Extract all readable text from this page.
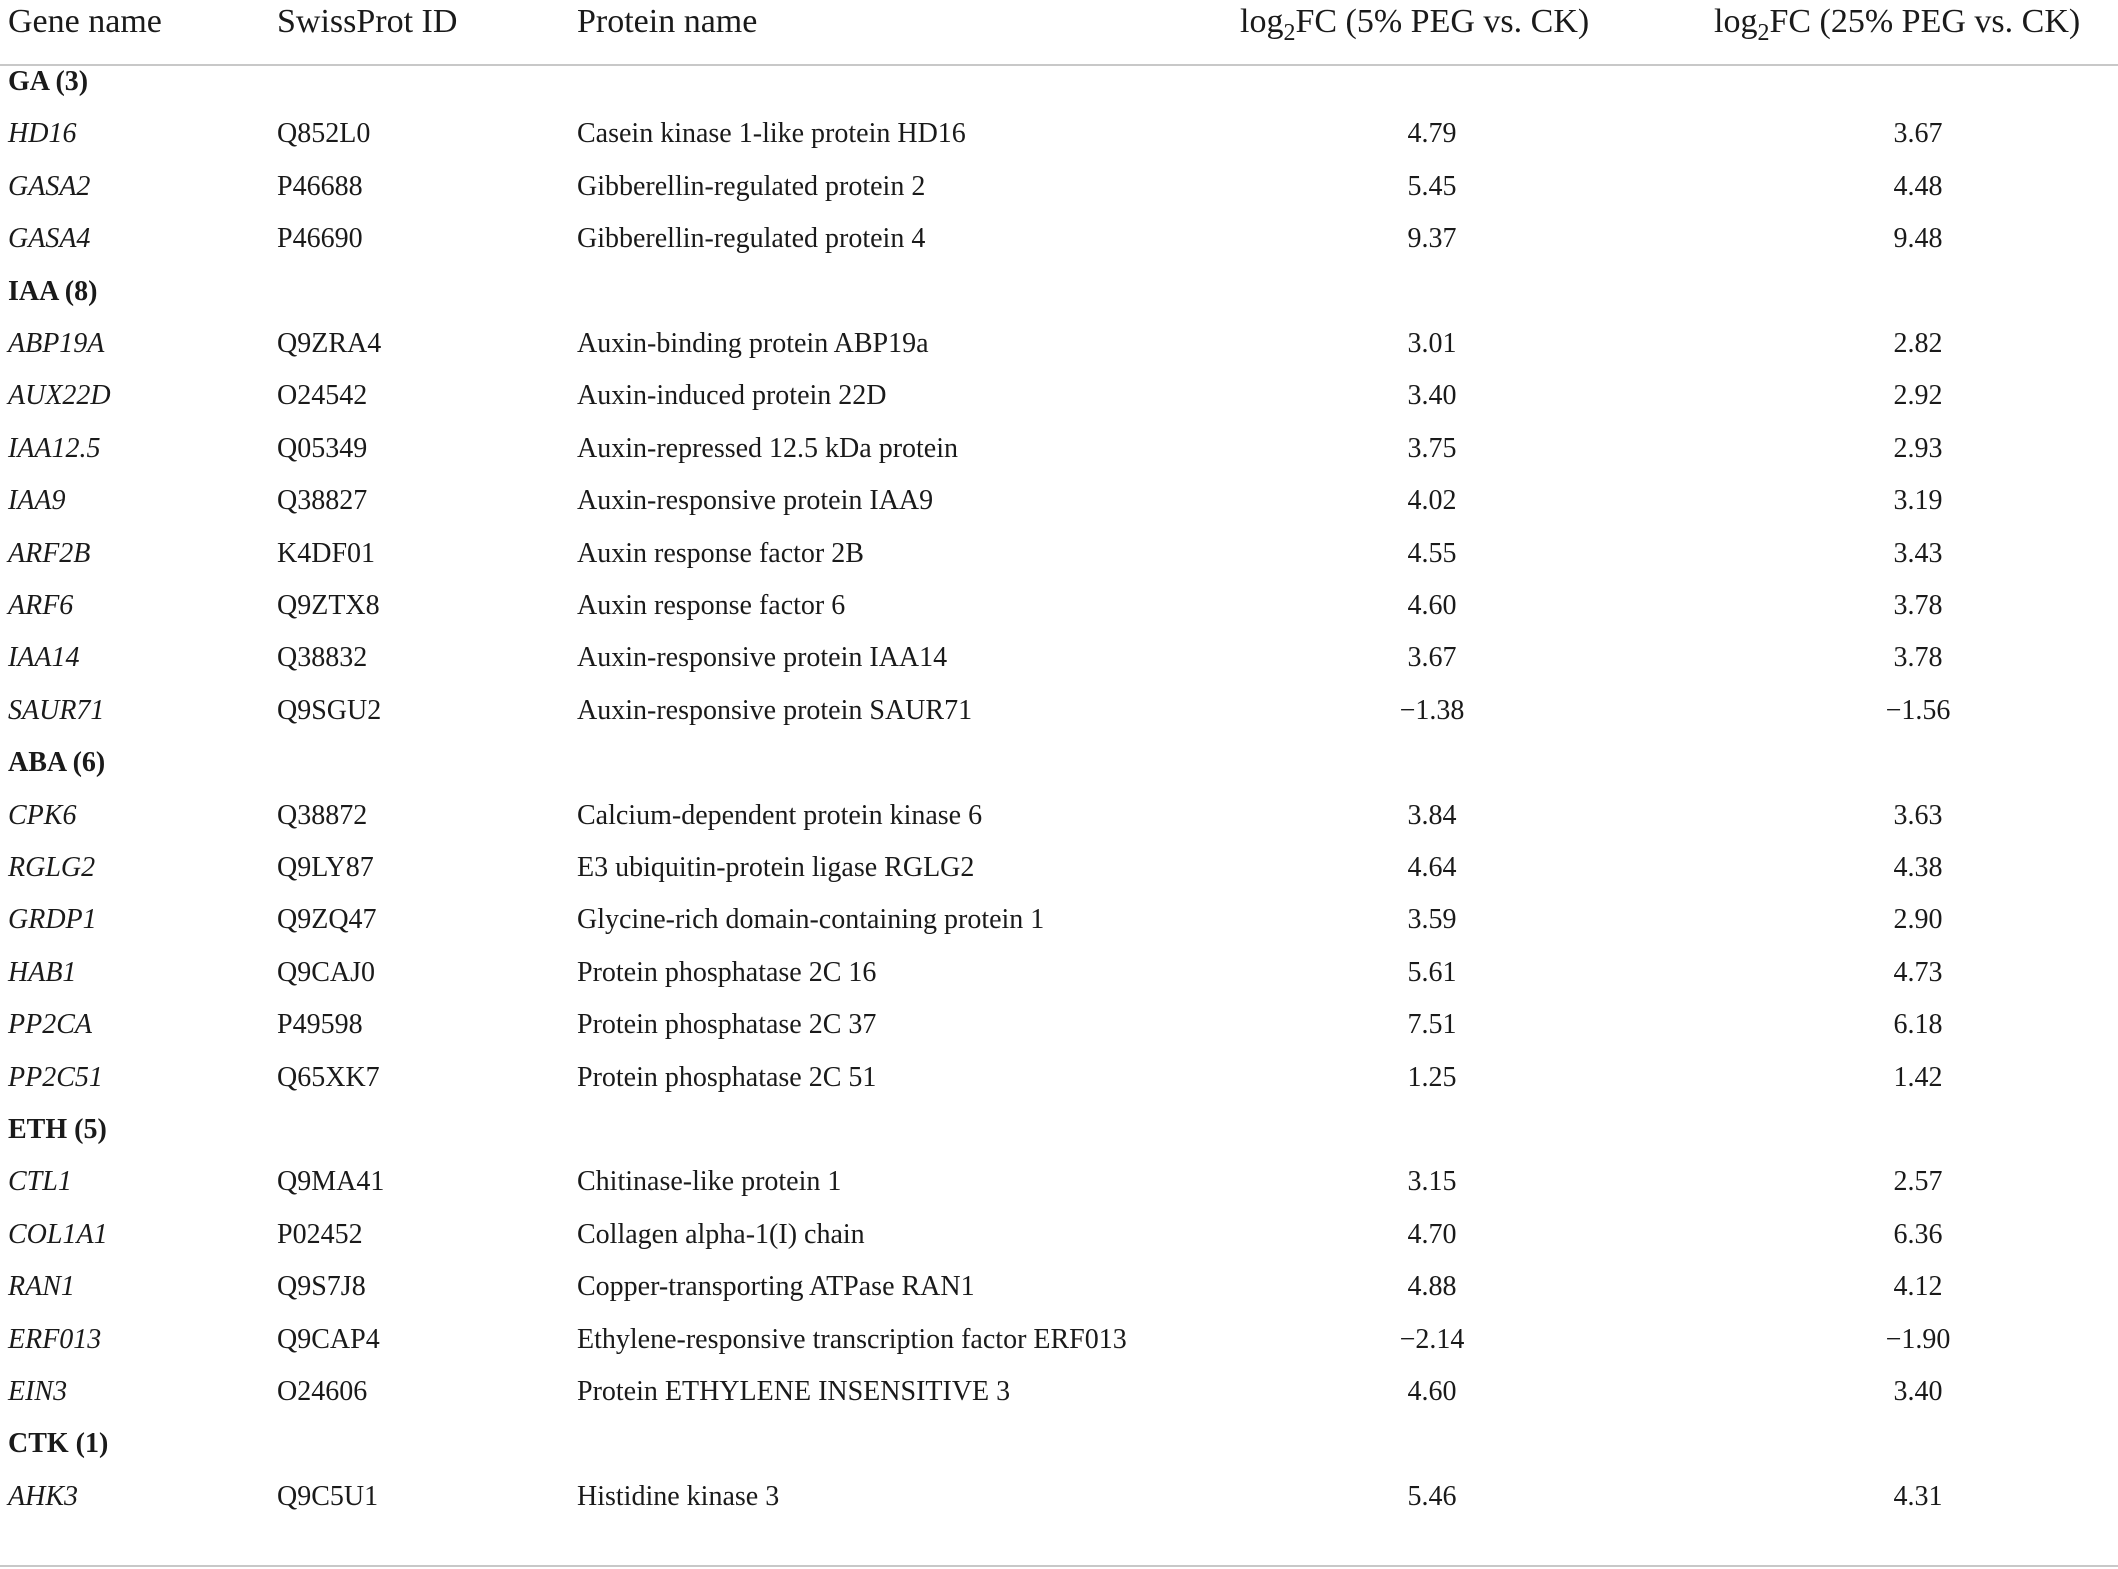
Gene name	SwissProt ID	Protein name	$\log_2FC$ (5% PEG vs. CK)	$\log_2FC$ (25% PEG vs. CK)
GA (3)
HD16	Q852L0	Casein kinase 1-like protein HD16	4.79	3.67
GASA2	P46688	Gibberellin-regulated protein 2	5.45	4.48
GASA4	P46690	Gibberellin-regulated protein 4	9.37	9.48
IAA (8)
ABP19A	Q9ZRA4	Auxin-binding protein ABP19a	3.01	2.82
AUX22D	O24542	Auxin-induced protein 22D	3.40	2.92
IAA12.5	Q05349	Auxin-repressed 12.5 kDa protein	3.75	2.93
IAA9	Q38827	Auxin-responsive protein IAA9	4.02	3.19
ARF2B	K4DF01	Auxin response factor 2B	4.55	3.43
ARF6	Q9ZTX8	Auxin response factor 6	4.60	3.78
IAA14	Q38832	Auxin-responsive protein IAA14	3.67	3.78
SAUR71	Q9SGU2	Auxin-responsive protein SAUR71	−1.38	−1.56
ABA (6)
CPK6	Q38872	Calcium-dependent protein kinase 6	3.84	3.63
RGLG2	Q9LY87	E3 ubiquitin-protein ligase RGLG2	4.64	4.38
GRDP1	Q9ZQ47	Glycine-rich domain-containing protein 1	3.59	2.90
HAB1	Q9CAJ0	Protein phosphatase 2C 16	5.61	4.73
PP2CA	P49598	Protein phosphatase 2C 37	7.51	6.18
PP2C51	Q65XK7	Protein phosphatase 2C 51	1.25	1.42
ETH (5)
CTL1	Q9MA41	Chitinase-like protein 1	3.15	2.57
COL1A1	P02452	Collagen alpha-1(I) chain	4.70	6.36
RAN1	Q9S7J8	Copper-transporting ATPase RAN1	4.88	4.12
ERF013	Q9CAP4	Ethylene-responsive transcription factor ERF013	−2.14	−1.90
EIN3	O24606	Protein ETHYLENE INSENSITIVE 3	4.60	3.40
CTK (1)
AHK3	Q9C5U1	Histidine kinase 3	5.46	4.31
